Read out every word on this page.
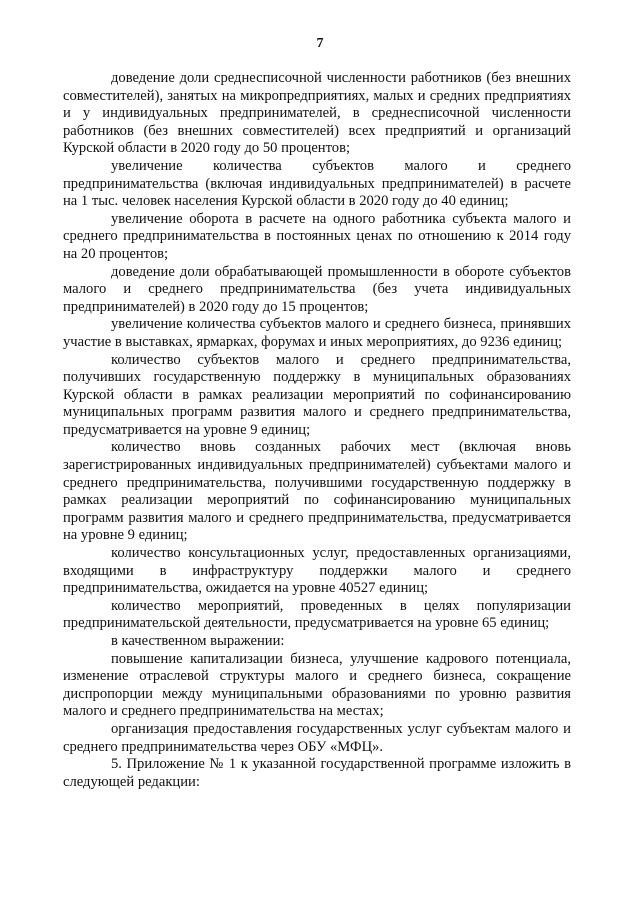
7

доведение доли среднесписочной численности работников (без внешних совместителей), занятых на микропредприятиях, малых и средних предприятиях и у индивидуальных предпринимателей, в среднесписочной численности работников (без внешних совместителей) всех предприятий и организаций Курской области в 2020 году до 50 процентов;

увеличение количества субъектов малого и среднего предпринимательства (включая индивидуальных предпринимателей) в расчете на 1 тыс. человек населения Курской области в 2020 году до 40 единиц;

увеличение оборота в расчете на одного работника субъекта малого и среднего предпринимательства в постоянных ценах по отношению к 2014 году на 20 процентов;

доведение доли обрабатывающей промышленности в обороте субъектов малого и среднего предпринимательства (без учета индивидуальных предпринимателей) в 2020 году до 15 процентов;

увеличение количества субъектов малого и среднего бизнеса, принявших участие в выставках, ярмарках, форумах и иных мероприятиях, до 9236 единиц;

количество субъектов малого и среднего предпринимательства, получивших государственную поддержку в муниципальных образованиях Курской области в рамках реализации мероприятий по софинансированию муниципальных программ развития малого и среднего предпринимательства, предусматривается на уровне 9 единиц;

количество вновь созданных рабочих мест (включая вновь зарегистрированных индивидуальных предпринимателей) субъектами малого и среднего предпринимательства, получившими государственную поддержку в рамках реализации мероприятий по софинансированию муниципальных программ развития малого и среднего предпринимательства, предусматривается на уровне 9 единиц;

количество консультационных услуг, предоставленных организациями, входящими в инфраструктуру поддержки малого и среднего предпринимательства, ожидается на уровне 40527 единиц;

количество мероприятий, проведенных в целях популяризации предпринимательской деятельности, предусматривается на уровне 65 единиц;

в качественном выражении:

повышение капитализации бизнеса, улучшение кадрового потенциала, изменение отраслевой структуры малого и среднего бизнеса, сокращение диспропорции между муниципальными образованиями по уровню развития малого и среднего предпринимательства на местах;

организация предоставления государственных услуг субъектам малого и среднего предпринимательства через ОБУ «МФЦ».

5. Приложение № 1 к указанной государственной программе изложить в следующей редакции:
